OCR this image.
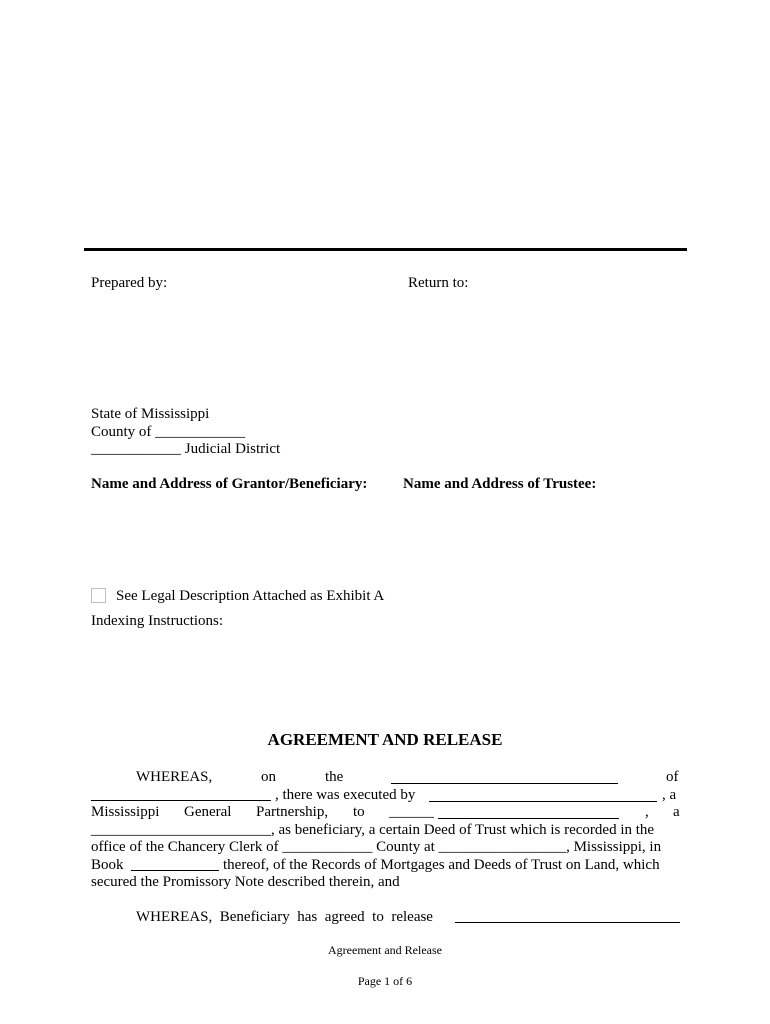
Prepared by:	Return to:
State of Mississippi
County of ____________
____________ Judicial District
Name and Address of Grantor/Beneficiary: Name and Address of Trustee:
See Legal Description Attached as Exhibit A
Indexing Instructions:
AGREEMENT AND RELEASE
WHEREAS,	on	the	of
, there was executed by	, a
Mississippi General Partnership, to ______	, a
________________________, as beneficiary, a certain Deed of Trust which is recorded in the
office of the Chancery Clerk of ____________ County at _________________, Mississippi, in
Book	thereof, of the Records of Mortgages and Deeds of Trust on Land, which
secured the Promissory Note described therein, and
WHEREAS,  Beneficiary  has  agreed  to  release
Agreement and Release
Page 1 of 6
